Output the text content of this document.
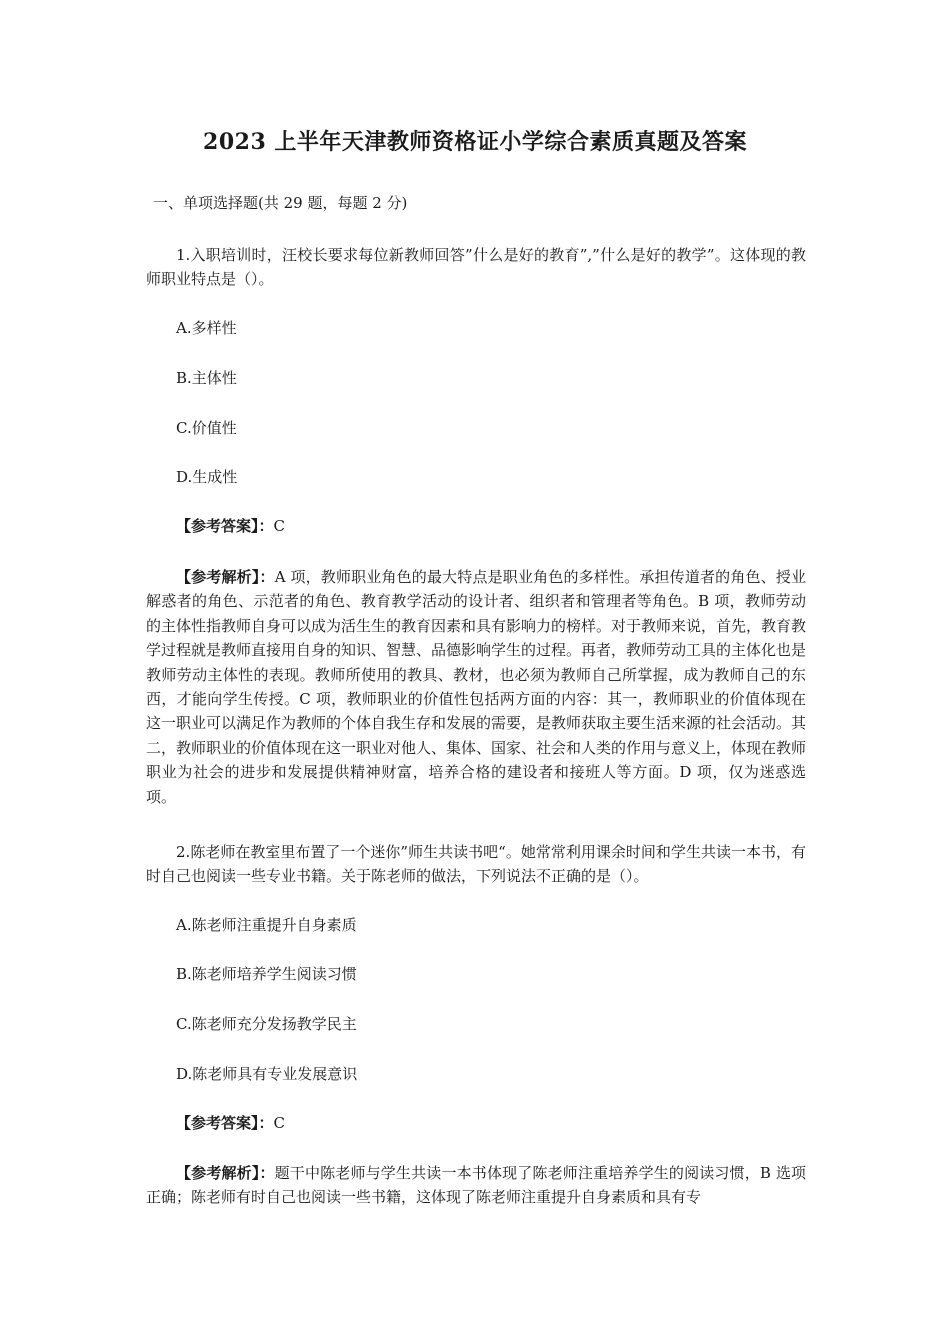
2023 上半年天津教师资格证小学综合素质真题及答案
一、单项选择题(共 29 题，每题 2 分)
1.入职培训时，汪校长要求每位新教师回答”什么是好的教育”,”什么是好的教学”。这体现的教师职业特点是（）。
A.多样性
B.主体性
C.价值性
D.生成性
【参考答案】：C
【参考解析】：A 项，教师职业角色的最大特点是职业角色的多样性。承担传道者的角色、授业解惑者的角色、示范者的角色、教育教学活动的设计者、组织者和管理者等角色。B 项，教师劳动的主体性指教师自身可以成为活生生的教育因素和具有影响力的榜样。对于教师来说，首先，教育教学过程就是教师直接用自身的知识、智慧、品德影响学生的过程。再者，教师劳动工具的主体化也是教师劳动主体性的表现。教师所使用的教具、教材，也必须为教师自己所掌握，成为教师自己的东西，才能向学生传授。C 项，教师职业的价值性包括两方面的内容：其一，教师职业的价值体现在这一职业可以满足作为教师的个体自我生存和发展的需要，是教师获取主要生活来源的社会活动。其二，教师职业的价值体现在这一职业对他人、集体、国家、社会和人类的作用与意义上，体现在教师职业为社会的进步和发展提供精神财富，培养合格的建设者和接班人等方面。D 项，仅为迷惑选项。
2.陈老师在教室里布置了一个迷你”师生共读书吧“。她常常利用课余时间和学生共读一本书，有时自己也阅读一些专业书籍。关于陈老师的做法，下列说法不正确的是（）。
A.陈老师注重提升自身素质
B.陈老师培养学生阅读习惯
C.陈老师充分发扬教学民主
D.陈老师具有专业发展意识
【参考答案】：C
【参考解析】：题干中陈老师与学生共读一本书体现了陈老师注重培养学生的阅读习惯，B 选项正确；陈老师有时自己也阅读一些书籍，这体现了陈老师注重提升自身素质和具有专
